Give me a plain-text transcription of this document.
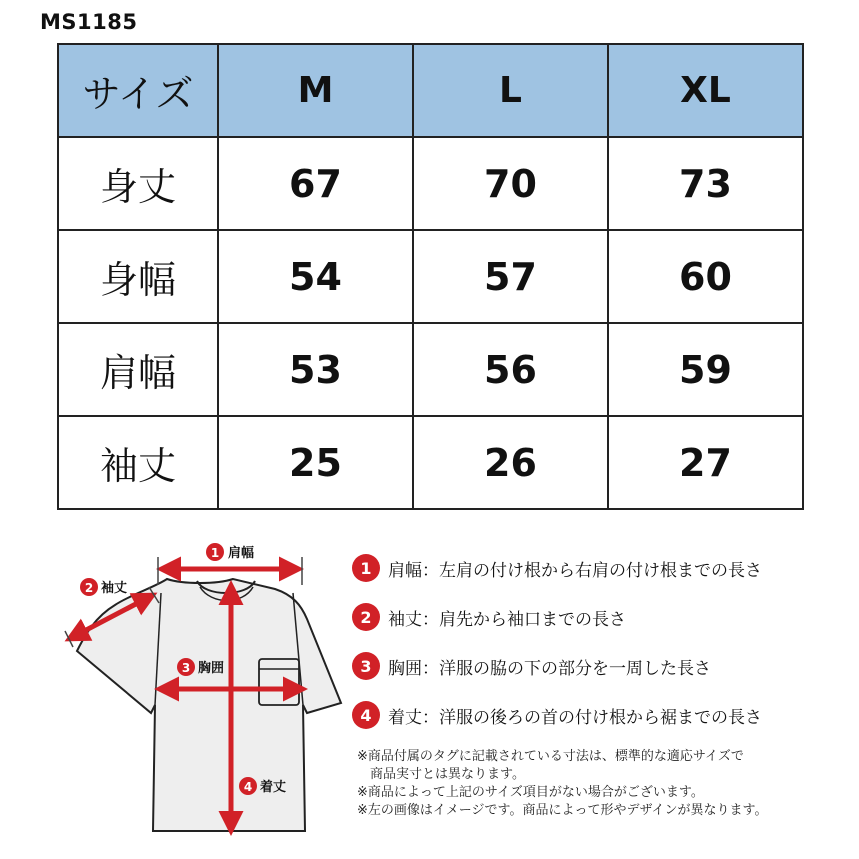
MS1185
サイズ	M	L	XL
身丈	67	70	73
身幅	54	57	60
肩幅	53	56	59
袖丈	25	26	27
1 肩幅
2 袖丈
3 胸囲
4 着丈
1 肩幅：左肩の付け根から右肩の付け根までの長さ
2 袖丈：肩先から袖口までの長さ
3 胸囲：洋服の脇の下の部分を一周した長さ
4 着丈：洋服の後ろの首の付け根から裾までの長さ
※商品付属のタグに記載されている寸法は、標準的な適応サイズで
商品実寸とは異なります。
※商品によって上記のサイズ項目がない場合がございます。
※左の画像はイメージです。商品によって形やデザインが異なります。
